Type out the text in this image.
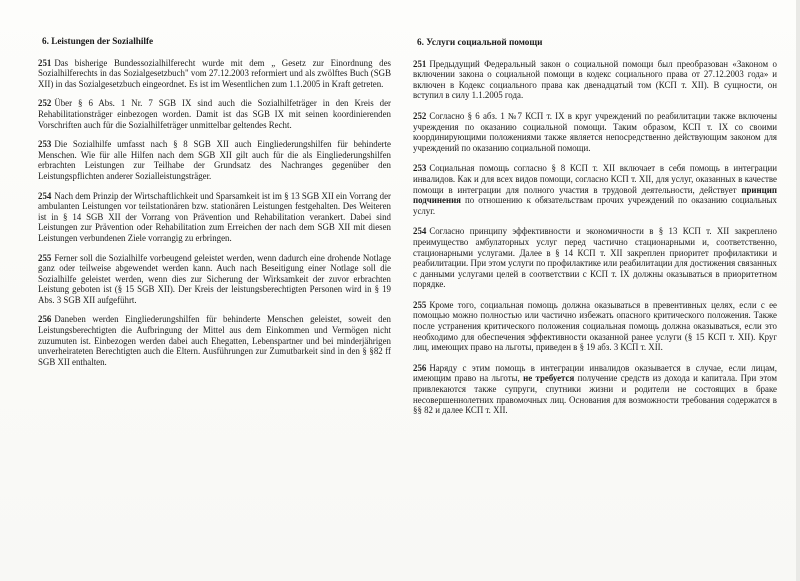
6. Leistungen der Sozialhilfe
251 Das bisherige Bundessozialhilferecht wurde mit dem „ Gesetz zur Einordnung des Sozialhilferechts in das Sozialgesetzbuch" vom 27.12.2003 reformiert und als zwölftes Buch (SGB XII) in das Sozialgesetzbuch eingeordnet. Es ist im Wesentlichen zum 1.1.2005 in Kraft getreten.
252 Über § 6 Abs. 1 Nr. 7 SGB IX sind auch die Sozialhilfeträger in den Kreis der Rehabilitationsträger einbezogen worden. Damit ist das SGB IX mit seinen koordinierenden Vorschriften auch für die Sozialhilfeträger unmittelbar geltendes Recht.
253 Die Sozialhilfe umfasst nach § 8 SGB XII auch Eingliederungshilfen für behinderte Menschen. Wie für alle Hilfen nach dem SGB XII gilt auch für die als Eingliederungshilfen erbrachten Leistungen zur Teilhabe der Grundsatz des Nachranges gegenüber den Leistungspflichten anderer Sozialleistungsträger.
254 Nach dem Prinzip der Wirtschaftlichkeit und Sparsamkeit ist im § 13 SGB XII ein Vorrang der ambulanten Leistungen vor teilstationären bzw. stationären Leistungen festgehalten. Des Weiteren ist in § 14 SGB XII der Vorrang von Prävention und Rehabilitation verankert. Dabei sind Leistungen zur Prävention oder Rehabilitation zum Erreichen der nach dem SGB XII mit diesen Leistungen verbundenen Ziele vorrangig zu erbringen.
255 Ferner soll die Sozialhilfe vorbeugend geleistet werden, wenn dadurch eine drohende Notlage ganz oder teilweise abgewendet werden kann. Auch nach Beseitigung einer Notlage soll die Sozialhilfe geleistet werden, wenn dies zur Sicherung der Wirksamkeit der zuvor erbrachten Leistung geboten ist (§ 15 SGB XII). Der Kreis der leistungsberechtigten Personen wird in § 19 Abs. 3 SGB XII aufgeführt.
256 Daneben werden Eingliederungshilfen für behinderte Menschen geleistet, soweit den Leistungsberechtigten die Aufbringung der Mittel aus dem Einkommen und Vermögen nicht zuzumuten ist. Einbezogen werden dabei auch Ehegatten, Lebenspartner und bei minderjährigen unverheirateten Berechtigten auch die Eltern. Ausführungen zur Zumutbarkeit sind in den § §82 ff SGB XII enthalten.
6. Услуги социальной помощи
251 Предыдущий Федеральный закон о социальной помощи был преобразован «Законом о включении закона о социальной помощи в кодекс социального права от 27.12.2003 года» и включен в Кодекс социального права как двенадцатый том (КСП т. XII). В сущности, он вступил в силу 1.1.2005 года.
252 Согласно § 6 абз. 1 №7 КСП т. IX в круг учреждений по реабилитации также включены учреждения по оказанию социальной помощи. Таким образом, КСП т. IX со своими координирующими положениями также является непосредственно действующим законом для учреждений по оказанию социальной помощи.
253 Социальная помощь согласно § 8 КСП т. XII включает в себя помощь в интеграции инвалидов. Как и для всех видов помощи, согласно КСП т. XII, для услуг, оказанных в качестве помощи в интеграции для полного участия в трудовой деятельности, действует принцип подчинения по отношению к обязательствам прочих учреждений по оказанию социальных услуг.
254 Согласно принципу эффективности и экономичности в § 13 КСП т. XII закреплено преимущество амбулаторных услуг перед частично стационарными и, соответственно, стационарными услугами. Далее в § 14 КСП т. XII закреплен приоритет профилактики и реабилитации. При этом услуги по профилактике или реабилитации для достижения связанных с данными услугами целей в соответствии с КСП т. IX должны оказываться в приоритетном порядке.
255 Кроме того, социальная помощь должна оказываться в превентивных целях, если с ее помощью можно полностью или частично избежать опасного критического положения. Также после устранения критического положения социальная помощь должна оказываться, если это необходимо для обеспечения эффективности оказанной ранее услуги (§ 15 КСП т. XII). Круг лиц, имеющих право на льготы, приведен в § 19 абз. 3 КСП т. XII.
256 Наряду с этим помощь в интеграции инвалидов оказывается в случае, если лицам, имеющим право на льготы, не требуется получение средств из дохода и капитала. При этом привлекаются также супруги, спутники жизни и родители не состоящих в браке несовершеннолетних правомочных лиц. Основания для возможности требования содержатся в §§ 82 и далее КСП т. XII.
